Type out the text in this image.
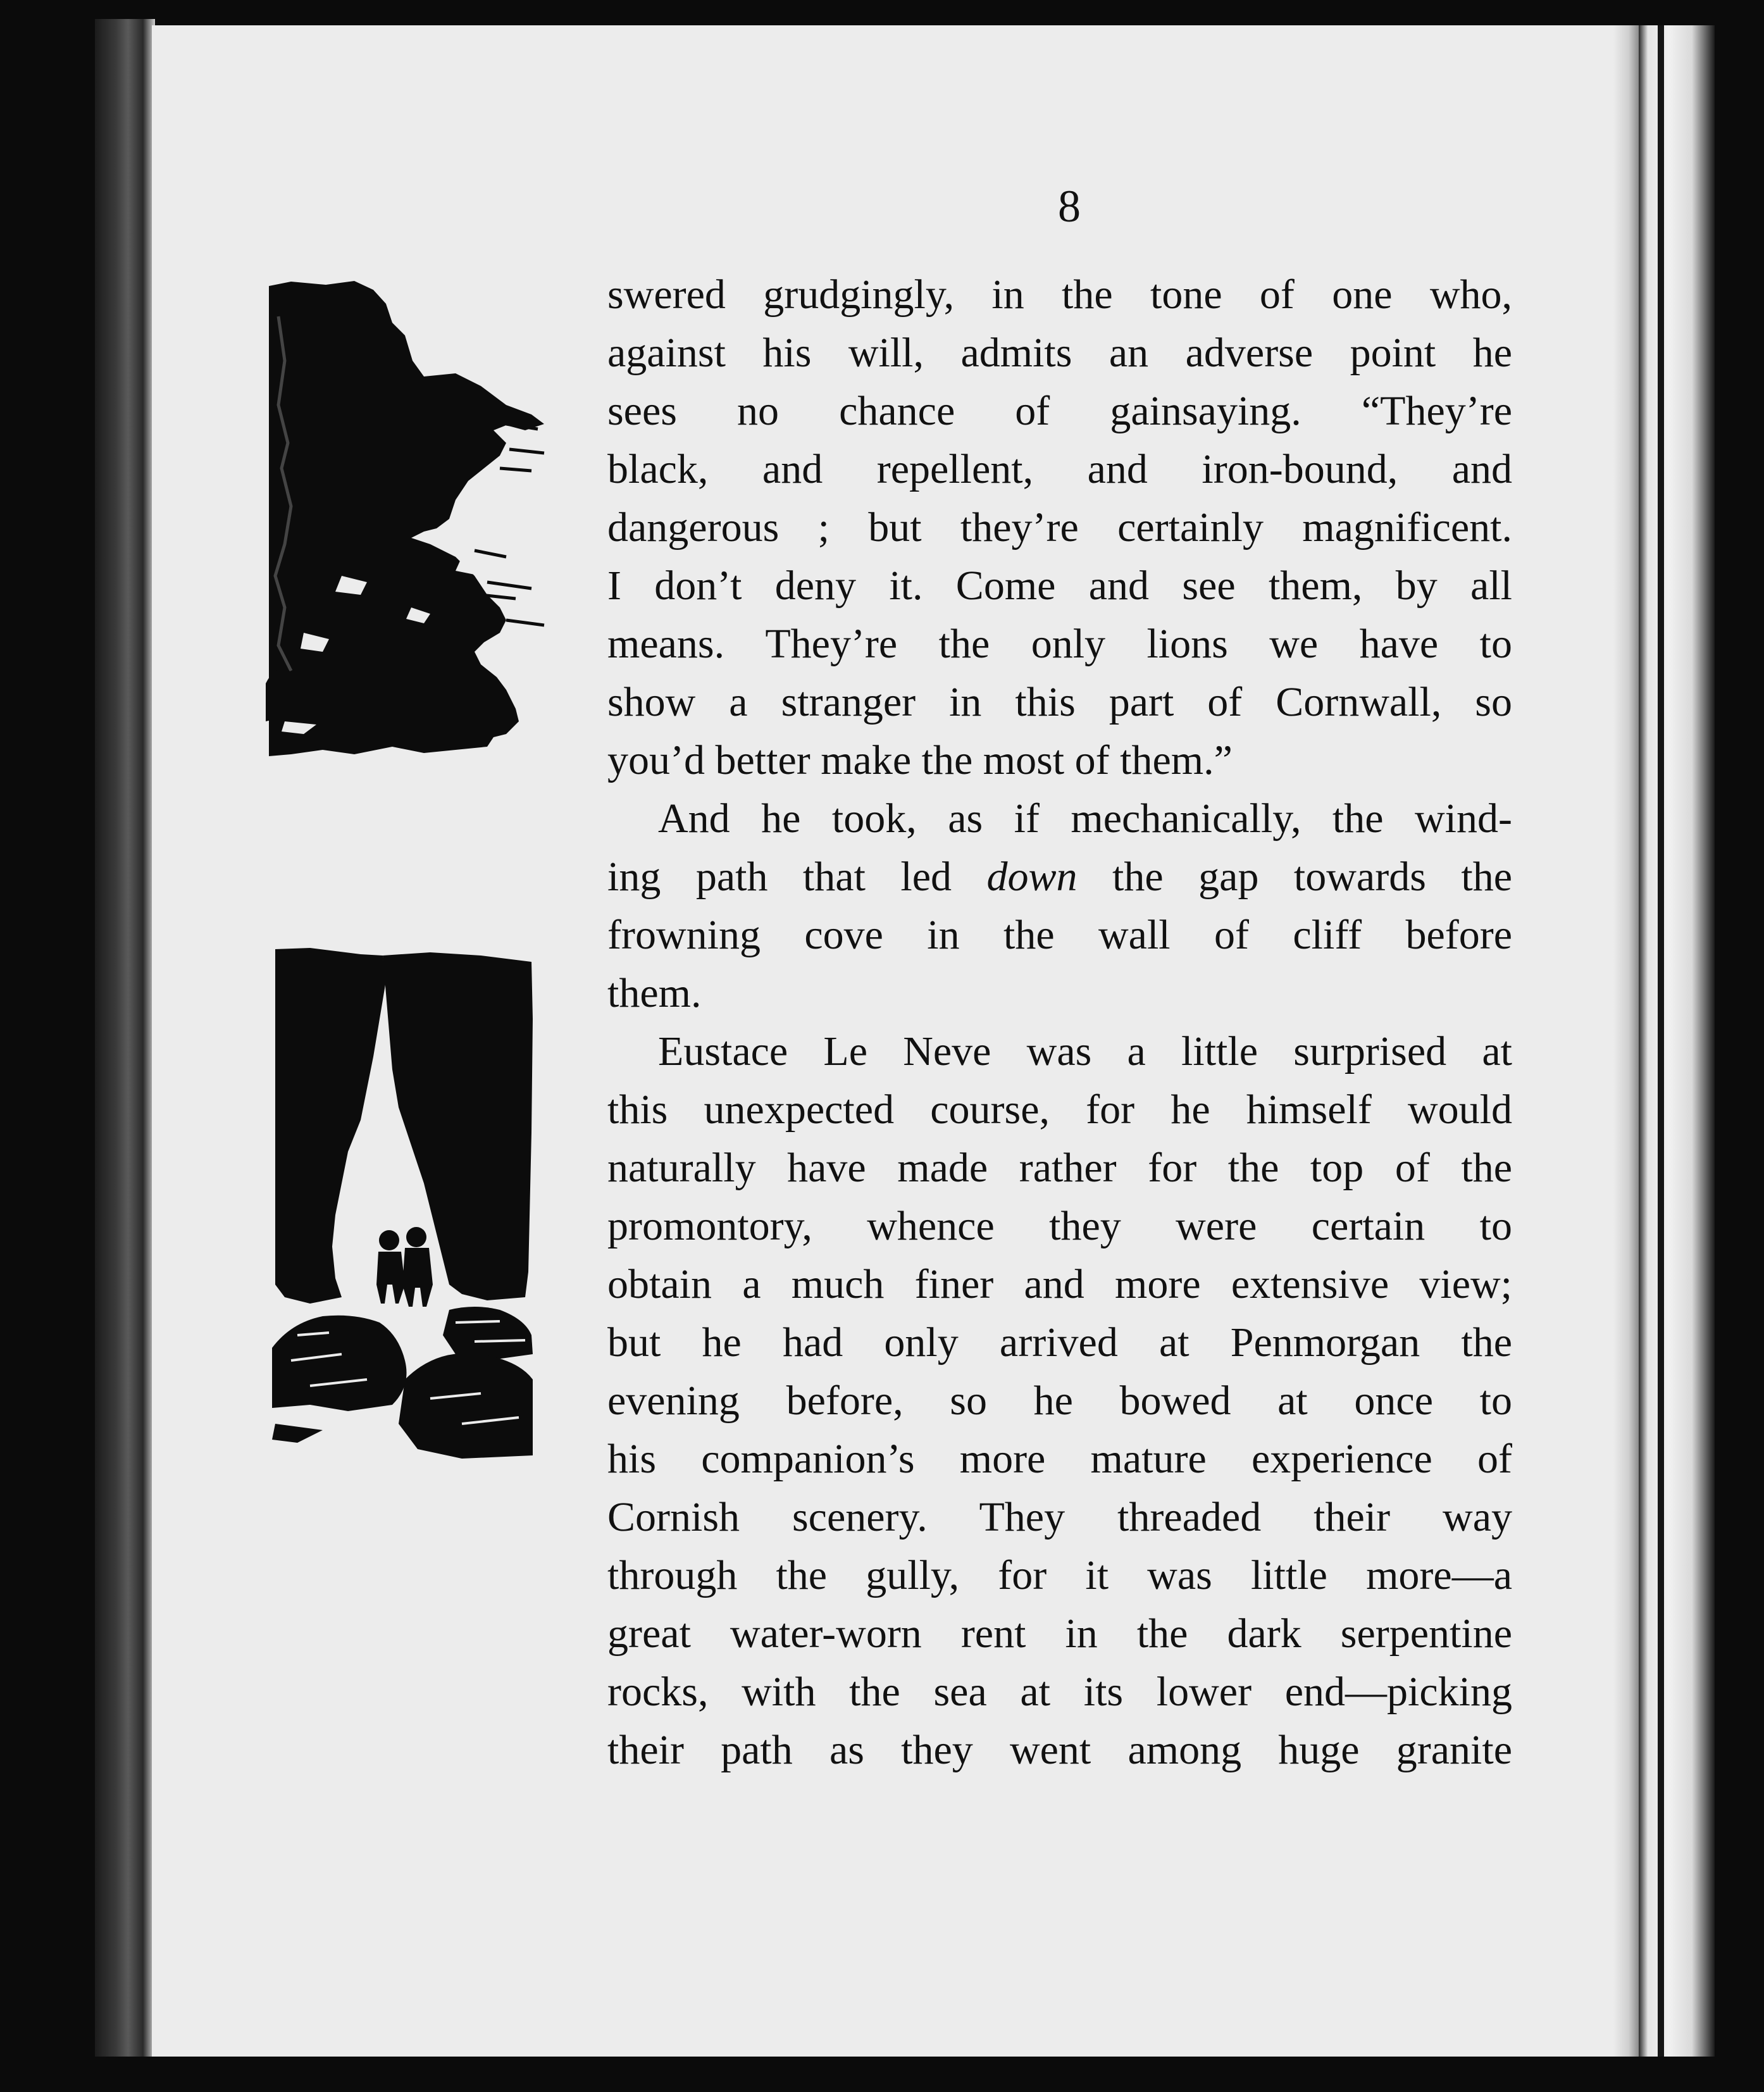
8
swered grudgingly, in the tone of one who,
against his will, admits an adverse point he
sees no chance of gainsaying. “They’re
black, and repellent, and iron-bound, and
dangerous ; but they’re certainly magnificent.
I don’t deny it. Come and see them, by all
means. They’re the only lions we have to
show a stranger in this part of Cornwall, so
you’d better make the most of them.”
And he took, as if mechanically, the wind-
ing path that led down the gap towards the
frowning cove in the wall of cliff before
them.
Eustace Le Neve was a little surprised at
this unexpected course, for he himself would
naturally have made rather for the top of the
promontory, whence they were certain to
obtain a much finer and more extensive view;
but he had only arrived at Penmorgan the
evening before, so he bowed at once to
his companion’s more mature experience of
Cornish scenery. They threaded their way
through the gully, for it was little more—a
great water-worn rent in the dark serpentine
rocks, with the sea at its lower end—picking
their path as they went among huge granite
